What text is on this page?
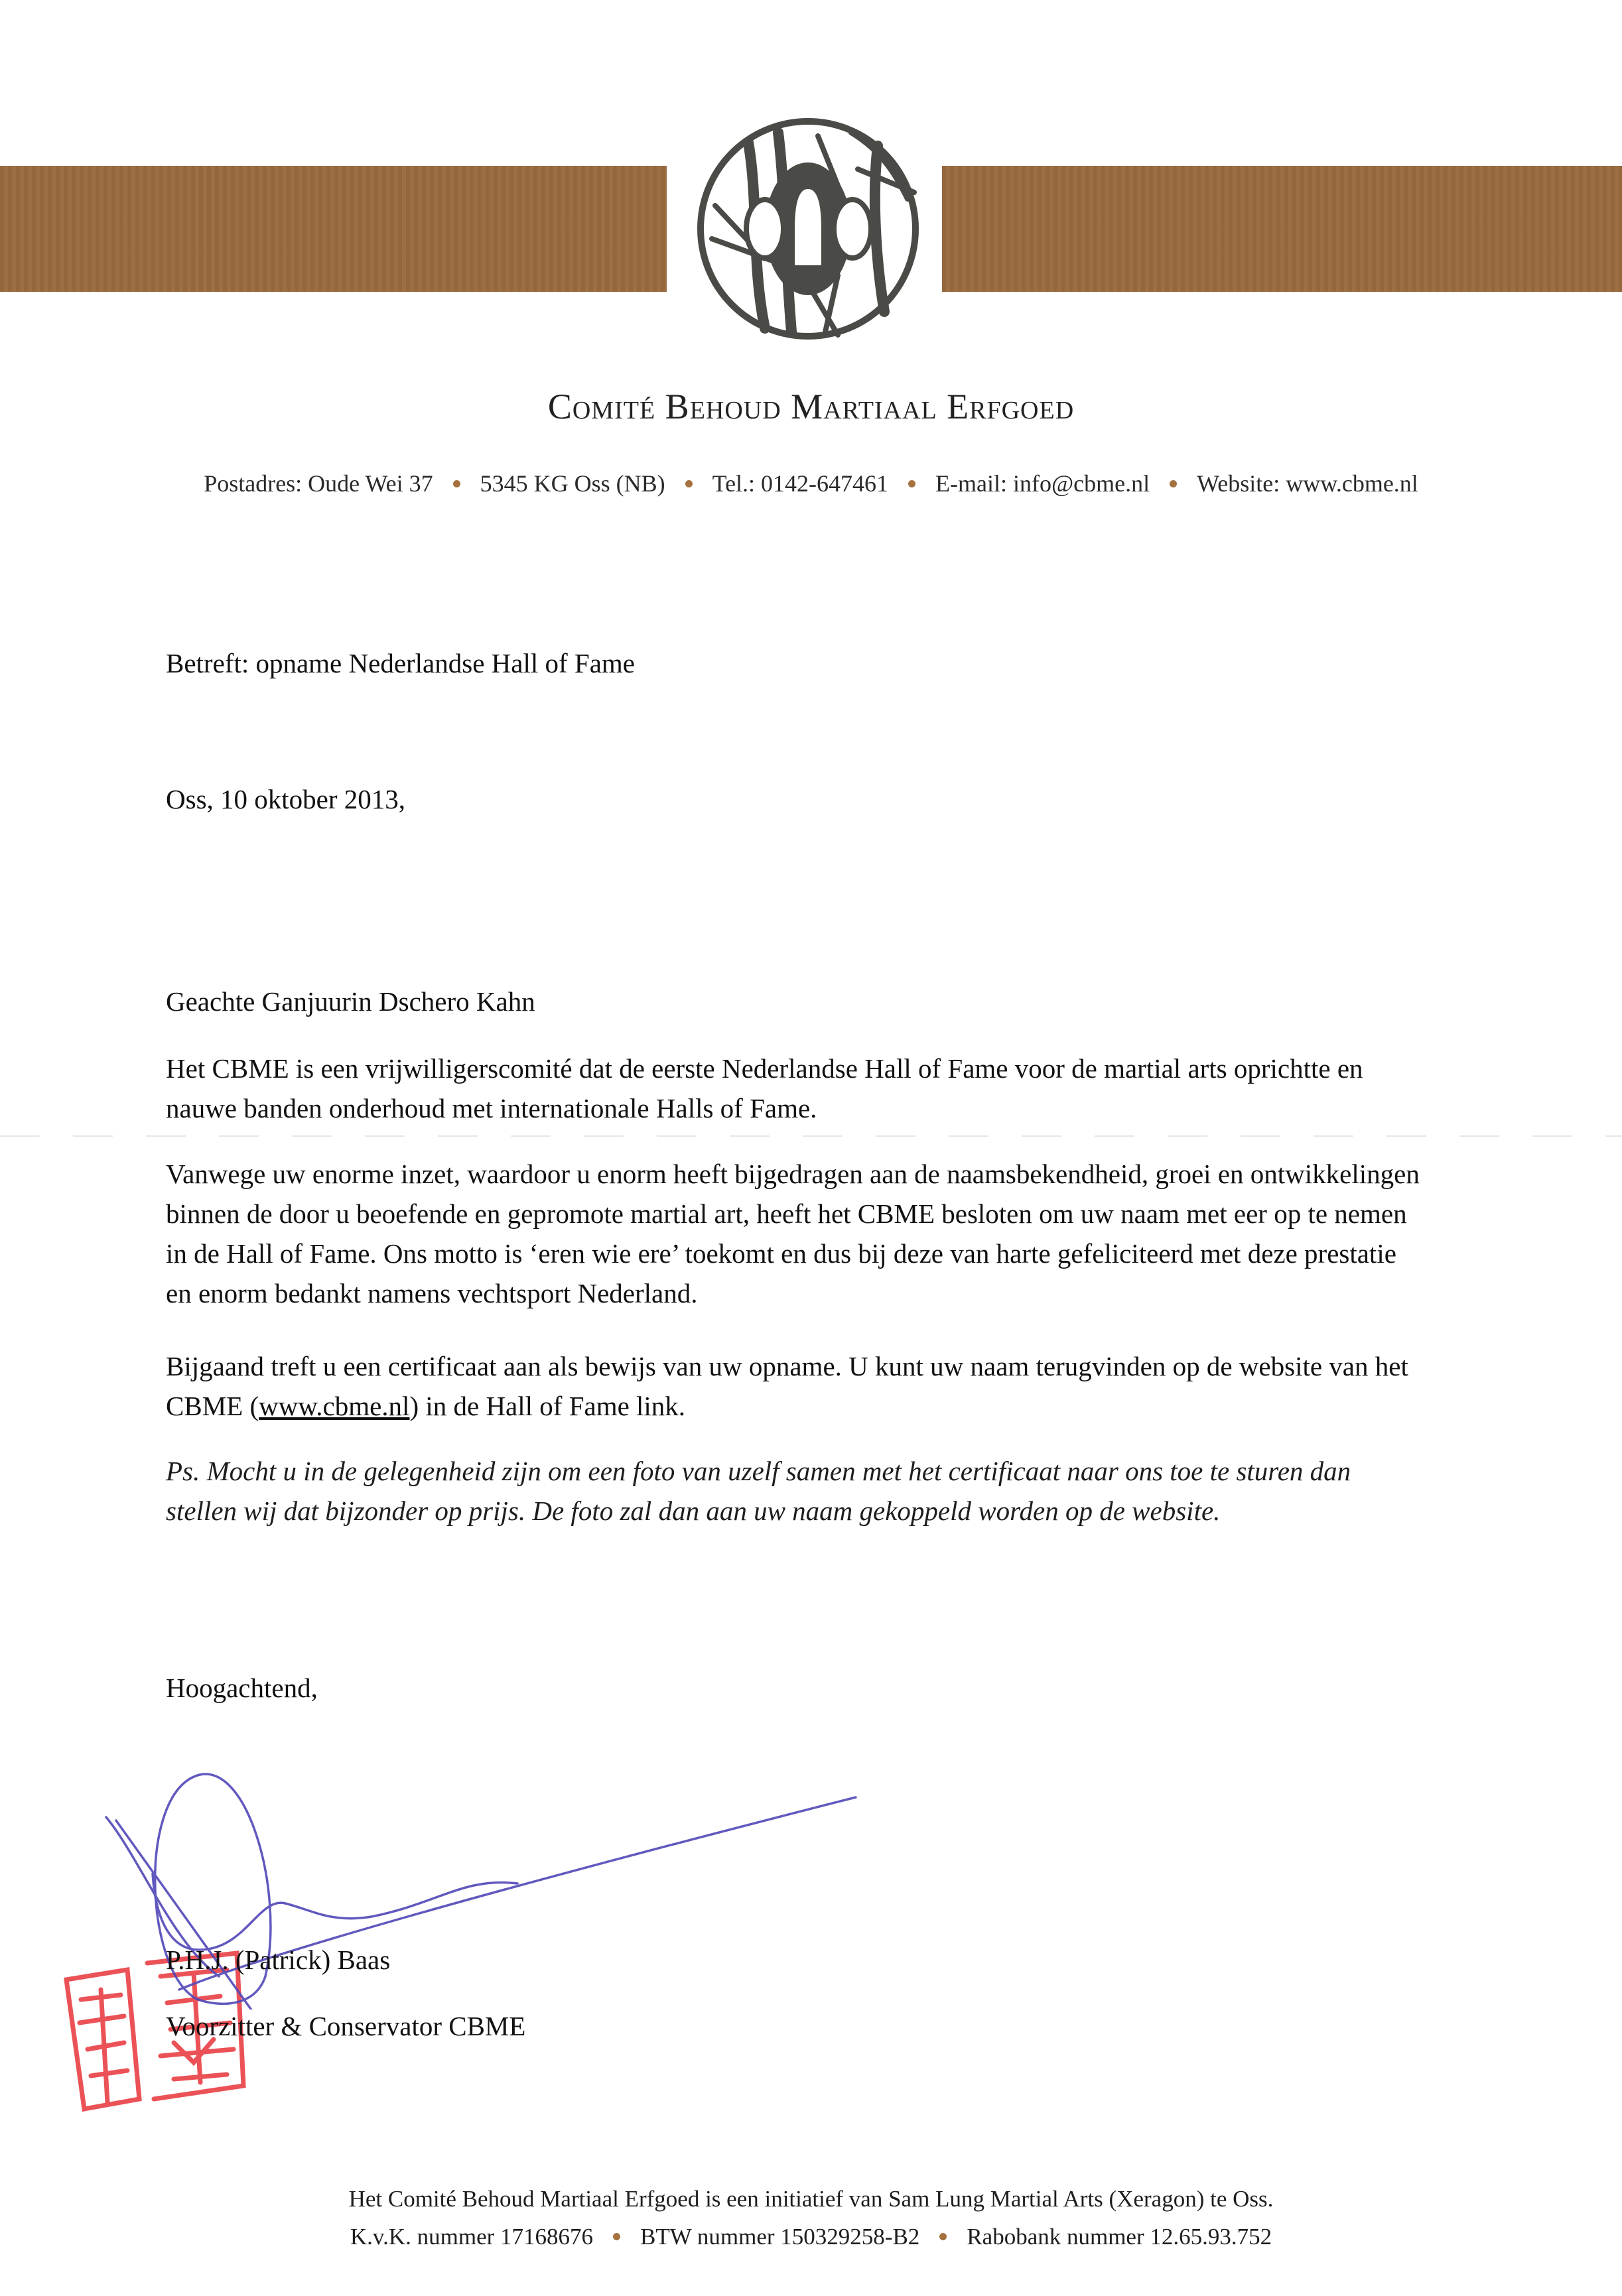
Comité Behoud Martiaal Erfgoed
Postadres: Oude Wei 37 5345 KG Oss (NB) Tel.: 0142-647461 E-mail: info@cbme.nl Website: www.cbme.nl
Betreft: opname Nederlandse Hall of Fame
Oss, 10 oktober 2013,
Geachte Ganjuurin Dschero Kahn
Het CBME is een vrijwilligerscomité dat de eerste Nederlandse Hall of Fame voor de martial arts oprichtte en nauwe banden onderhoud met internationale Halls of Fame.
Vanwege uw enorme inzet, waardoor u enorm heeft bijgedragen aan de naamsbekendheid, groei en ontwikkelingen binnen de door u beoefende en gepromote martial art, heeft het CBME besloten om uw naam met eer op te nemen in de Hall of Fame. Ons motto is ‘eren wie ere’ toekomt en dus bij deze van harte gefeliciteerd met deze prestatie en enorm bedankt namens vechtsport Nederland.
Bijgaand treft u een certificaat aan als bewijs van uw opname. U kunt uw naam terugvinden op de website van het CBME (www.cbme.nl) in de Hall of Fame link.
Ps. Mocht u in de gelegenheid zijn om een foto van uzelf samen met het certificaat naar ons toe te sturen dan stellen wij dat bijzonder op prijs. De foto zal dan aan uw naam gekoppeld worden op de website.
Hoogachtend,
P.H.J. (Patrick) Baas
Voorzitter & Conservator CBME
Het Comité Behoud Martiaal Erfgoed is een initiatief van Sam Lung Martial Arts (Xeragon) te Oss.
K.v.K. nummer 17168676 BTW nummer 150329258-B2 Rabobank nummer 12.65.93.752
